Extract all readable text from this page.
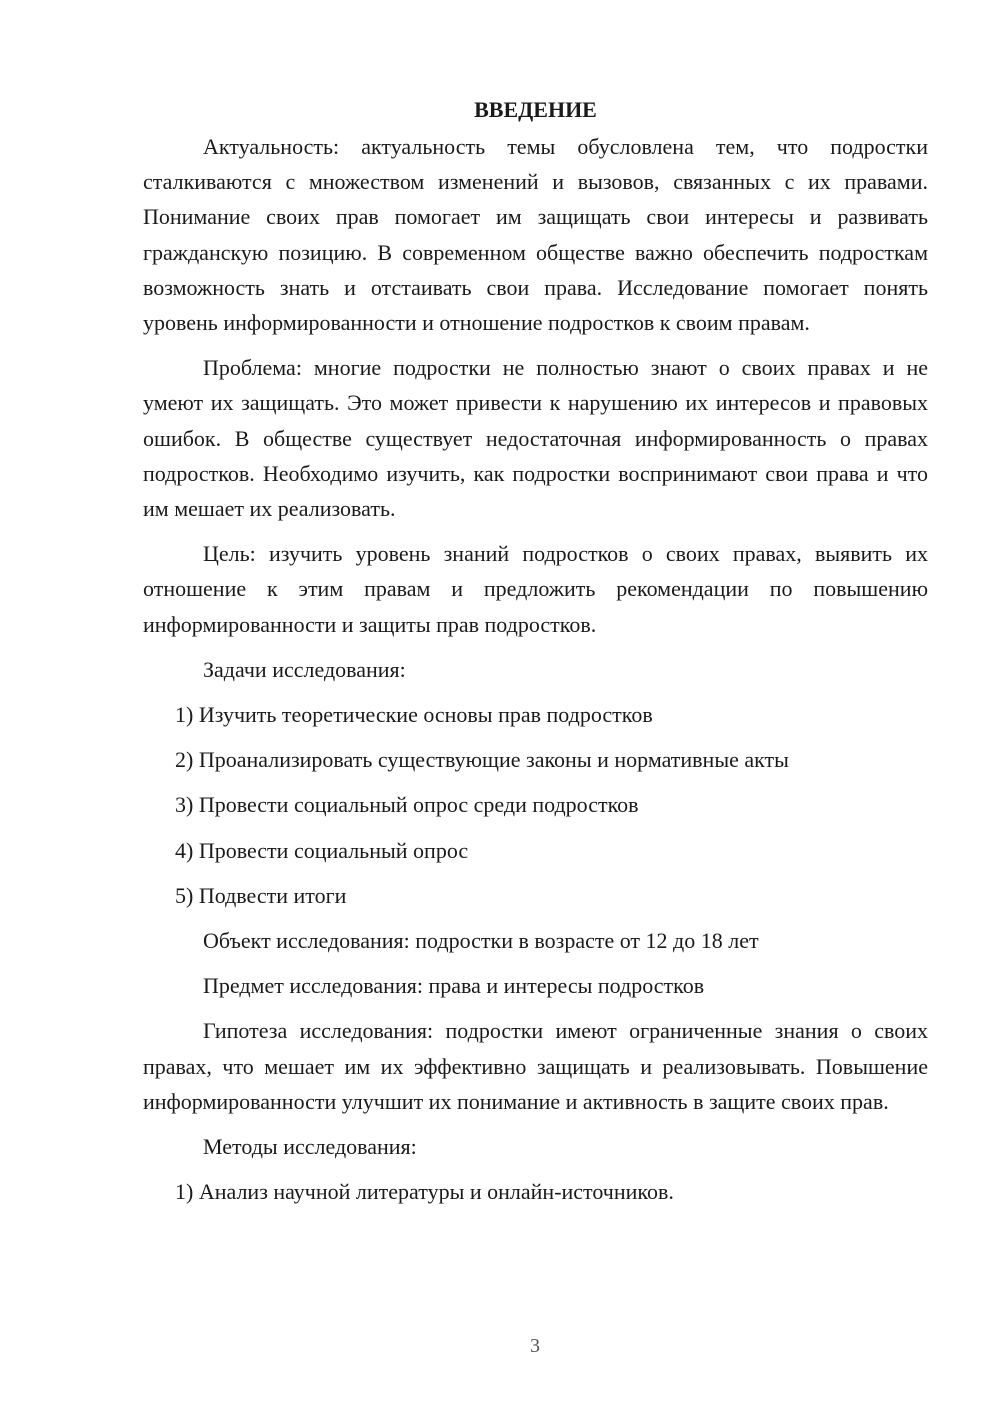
ВВЕДЕНИЕ

Актуальность: актуальность темы обусловлена тем, что подростки сталкиваются с множеством изменений и вызовов, связанных с их правами. Понимание своих прав помогает им защищать свои интересы и развивать гражданскую позицию. В современном обществе важно обеспечить подросткам возможность знать и отстаивать свои права. Исследование помогает понять уровень информированности и отношение подростков к своим правам.

Проблема: многие подростки не полностью знают о своих правах и не умеют их защищать. Это может привести к нарушению их интересов и правовых ошибок. В обществе существует недостаточная информированность о правах подростков. Необходимо изучить, как подростки воспринимают свои права и что им мешает их реализовать.

Цель: изучить уровень знаний подростков о своих правах, выявить их отношение к этим правам и предложить рекомендации по повышению информированности и защиты прав подростков.

Задачи исследования:
1) Изучить теоретические основы прав подростков
2) Проанализировать существующие законы и нормативные акты
3) Провести социальный опрос среди подростков
4) Провести социальный опрос
5) Подвести итоги
Объект исследования: подростки в возрасте от 12 до 18 лет
Предмет исследования: права и интересы подростков

Гипотеза исследования: подростки имеют ограниченные знания о своих правах, что мешает им их эффективно защищать и реализовывать. Повышение информированности улучшит их понимание и активность в защите своих прав.

Методы исследования:
1) Анализ научной литературы и онлайн-источников.
3
